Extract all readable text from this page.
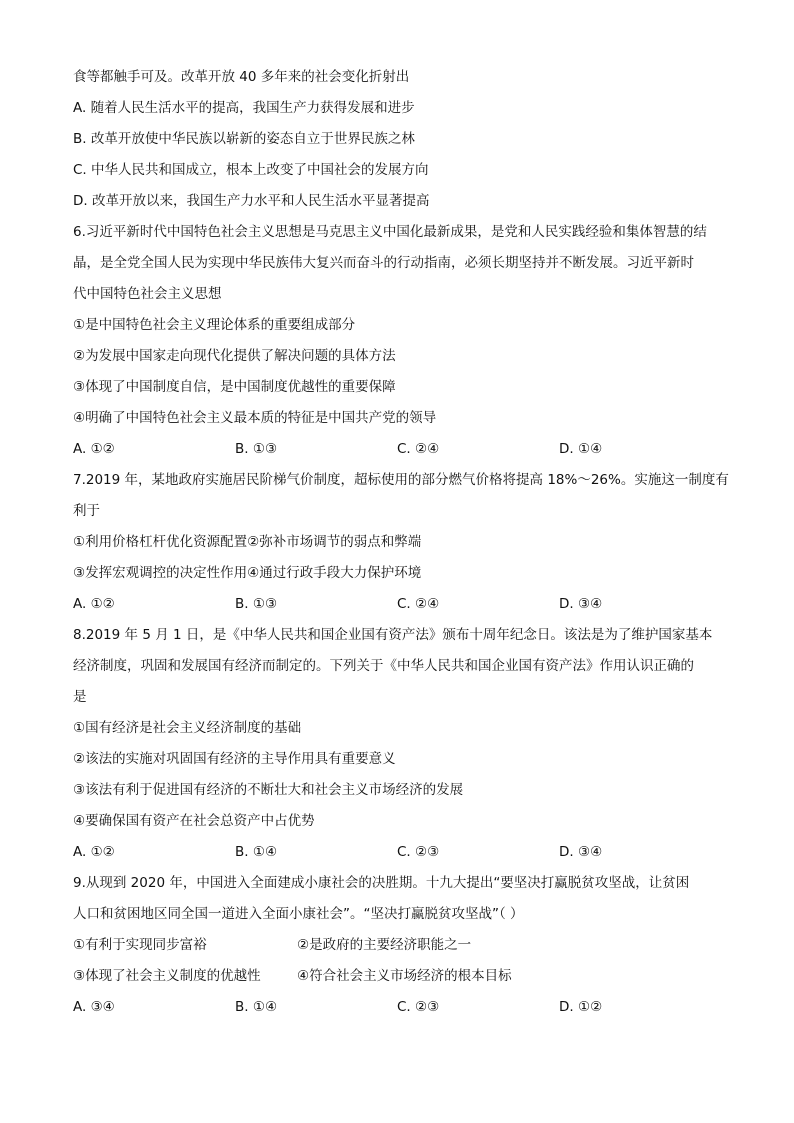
食等都触手可及。改革开放 40 多年来的社会变化折射出
A. 随着人民生活水平的提高，我国生产力获得发展和进步
B. 改革开放使中华民族以崭新的姿态自立于世界民族之林
C. 中华人民共和国成立，根本上改变了中国社会的发展方向
D. 改革开放以来，我国生产力水平和人民生活水平显著提高
6.习近平新时代中国特色社会主义思想是马克思主义中国化最新成果，是党和人民实践经验和集体智慧的结
晶，是全党全国人民为实现中华民族伟大复兴而奋斗的行动指南，必须长期坚持并不断发展。习近平新时
代中国特色社会主义思想
①是中国特色社会主义理论体系的重要组成部分
②为发展中国家走向现代化提供了解决问题的具体方法
③体现了中国制度自信，是中国制度优越性的重要保障
④明确了中国特色社会主义最本质的特征是中国共产党的领导
A. ①②	B. ①③	C. ②④	D. ①④
7.2019 年，某地政府实施居民阶梯气价制度，超标使用的部分燃气价格将提高 18%～26%。实施这一制度有
利于
①利用价格杠杆优化资源配置②弥补市场调节的弱点和弊端
③发挥宏观调控的决定性作用④通过行政手段大力保护环境
A. ①②	B. ①③	C. ②④	D. ③④
8.2019 年 5 月 1 日，是《中华人民共和国企业国有资产法》颁布十周年纪念日。该法是为了维护国家基本
经济制度，巩固和发展国有经济而制定的。下列关于《中华人民共和国企业国有资产法》作用认识正确的
是
①国有经济是社会主义经济制度的基础
②该法的实施对巩固国有经济的主导作用具有重要意义
③该法有利于促进国有经济的不断壮大和社会主义市场经济的发展
④要确保国有资产在社会总资产中占优势
A. ①②	B. ①④	C. ②③	D. ③④
9.从现到 2020 年，中国进入全面建成小康社会的决胜期。十九大提出“要坚决打赢脱贫攻坚战，让贫困
人口和贫困地区同全国一道进入全面小康社会”。“坚决打赢脱贫攻坚战”（ ）
①有利于实现同步富裕	②是政府的主要经济职能之一
③体现了社会主义制度的优越性	④符合社会主义市场经济的根本目标
A. ③④	B. ①④	C. ②③	D. ①②
